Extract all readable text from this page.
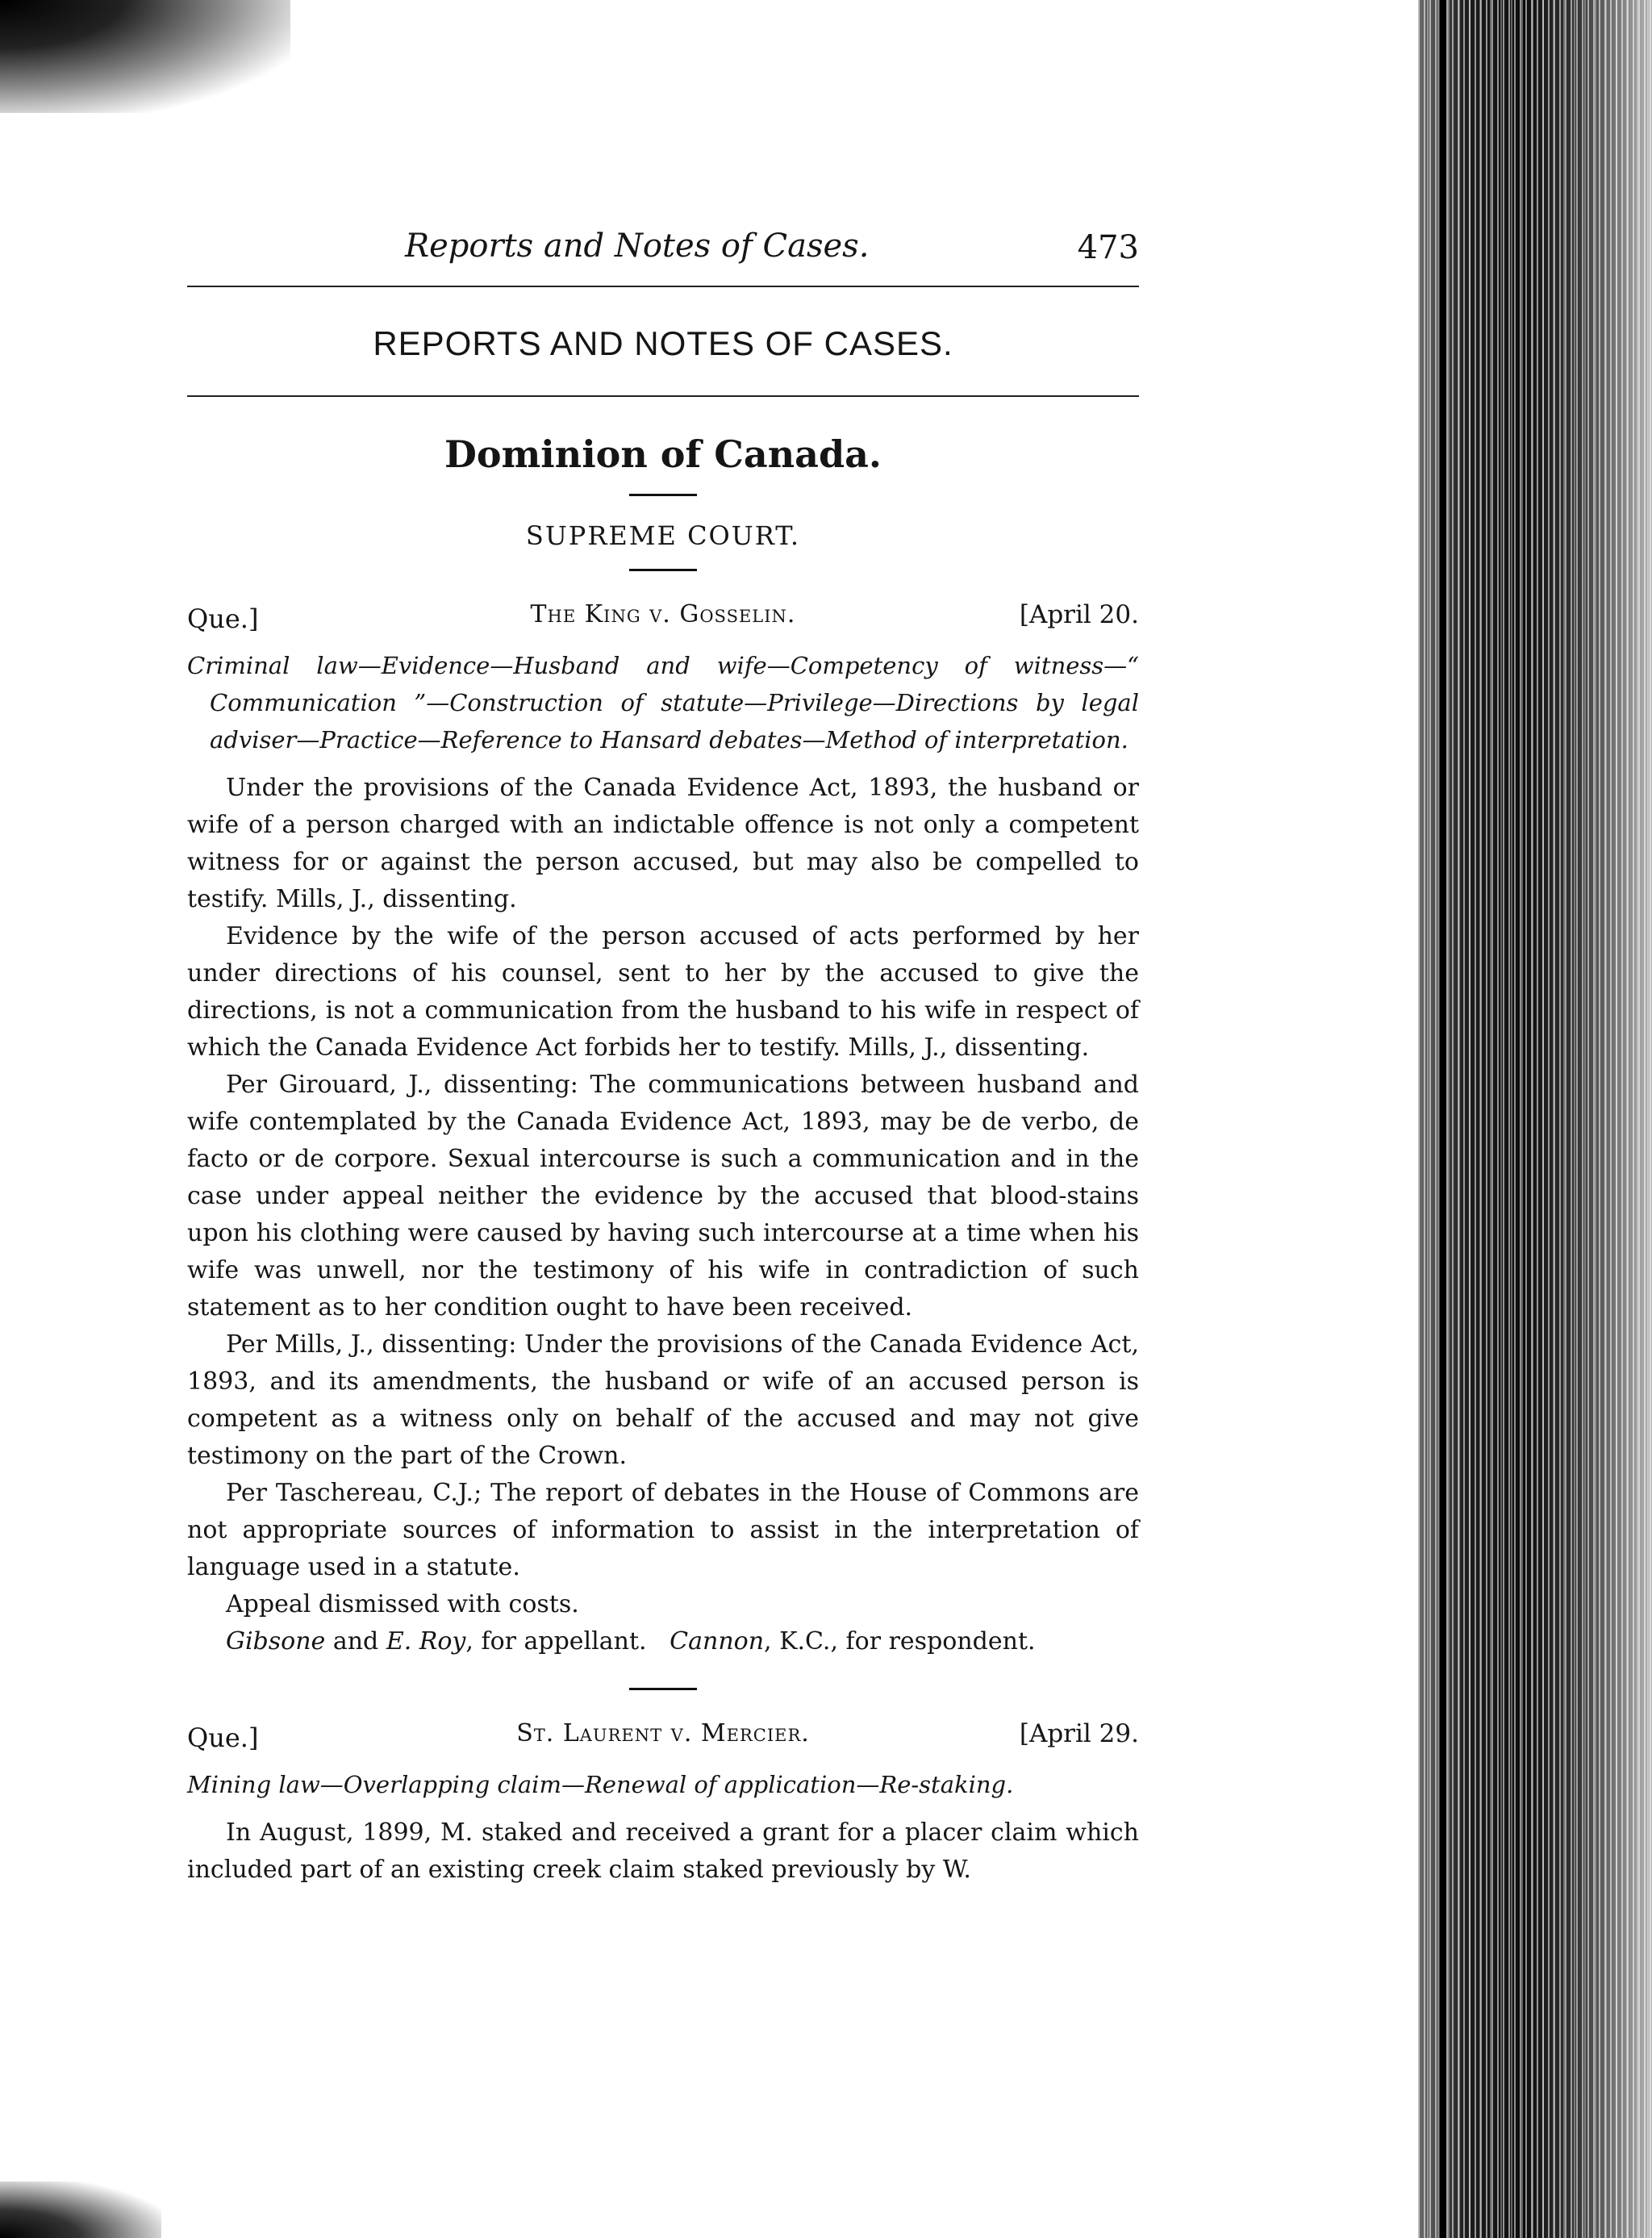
Reports and Notes of Cases.	473
REPORTS AND NOTES OF CASES.
Dominion of Canada.
SUPREME COURT.
Que.]	The King v. Gosselin.	[April 20.
Criminal law—Evidence—Husband and wife—Competency of witness—“ Communication ”—Construction of statute—Privilege—Directions by legal adviser—Practice—Reference to Hansard debates—Method of interpretation.

Under the provisions of the Canada Evidence Act, 1893, the husband or wife of a person charged with an indictable offence is not only a competent witness for or against the person accused, but may also be compelled to testify. Mills, J., dissenting.

Evidence by the wife of the person accused of acts performed by her under directions of his counsel, sent to her by the accused to give the directions, is not a communication from the husband to his wife in respect of which the Canada Evidence Act forbids her to testify. Mills, J., dissenting.

Per Girouard, J., dissenting: The communications between husband and wife contemplated by the Canada Evidence Act, 1893, may be de verbo, de facto or de corpore. Sexual intercourse is such a communication and in the case under appeal neither the evidence by the accused that blood-stains upon his clothing were caused by having such intercourse at a time when his wife was unwell, nor the testimony of his wife in contradiction of such statement as to her condition ought to have been received.

Per Mills, J., dissenting: Under the provisions of the Canada Evidence Act, 1893, and its amendments, the husband or wife of an accused person is competent as a witness only on behalf of the accused and may not give testimony on the part of the Crown.

Per Taschereau, C.J.; The report of debates in the House of Commons are not appropriate sources of information to assist in the interpretation of language used in a statute.

Appeal dismissed with costs.

Gibsone and E. Roy, for appellant. Cannon, K.C., for respondent.

Que.]	St. Laurent v. Mercier.	[April 29.
Mining law—Overlapping claim—Renewal of application—Re-staking.

In August, 1899, M. staked and received a grant for a placer claim which included part of an existing creek claim staked previously by W.
